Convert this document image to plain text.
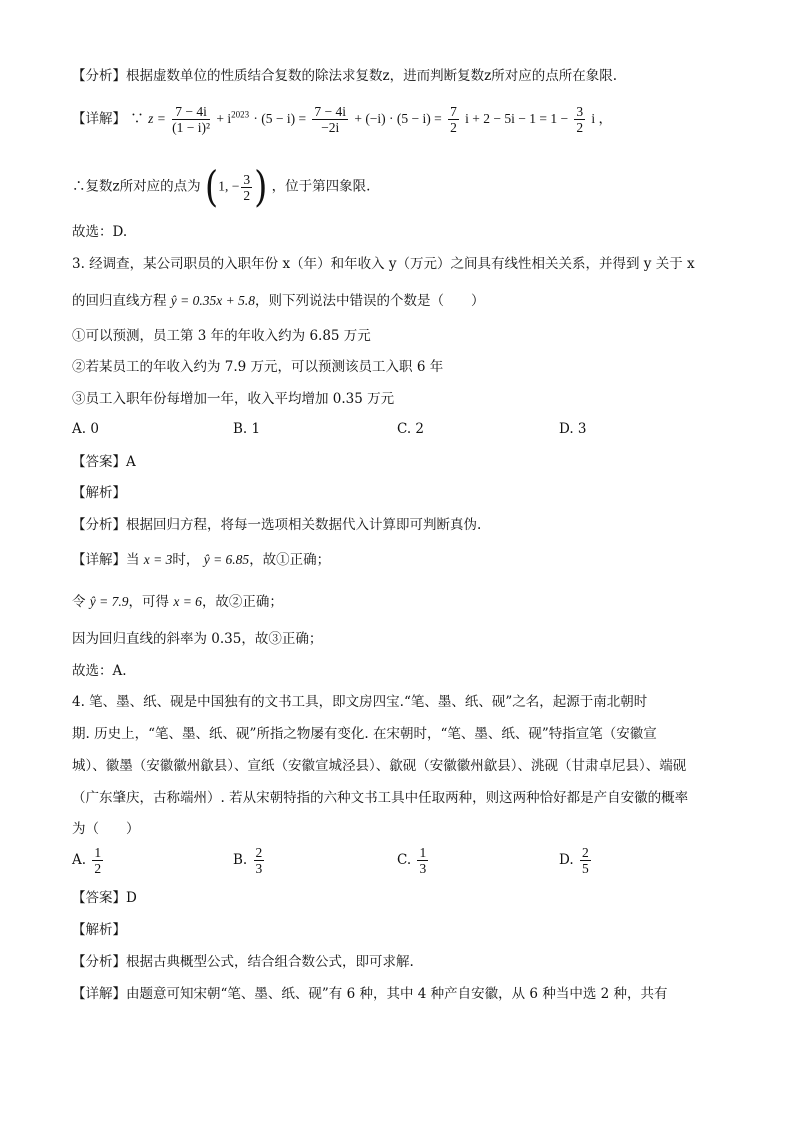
【分析】根据虚数单位的性质结合复数的除法求复数z，进而判断复数z所对应的点所在象限.
【详解】 ∵ $z = \frac{7 - 4i}{\text{(1 − i)²}} + i^{2023} \cdot (5 - i) = \frac{7 - 4i}{-2i} + (-i) \cdot (5 - i) = \frac{7}{2}$ $i + 2 - 5i - 1 = 1 - \frac{3}{2}$ i ，
∴复数z所对应的点为 (1, − $\frac{3}{2}$ ) ，位于第四象限.
故选：D.
3. 经调查，某公司职员的入职年份 x（年）和年收入 y（万元）之间具有线性相关关系，并得到 y 关于 x
的回归直线方程 ŷ = 0.35x + 5.8，则下列说法中错误的个数是（　　）
①可以预测，员工第 3 年的年收入约为 6.85 万元
②若某员工的年收入约为 7.9 万元，可以预测该员工入职 6 年
③员工入职年份每增加一年，收入平均增加 0.35 万元
A. 0	B. 1	C. 2	D. 3
【答案】A
【解析】
【分析】根据回归方程，将每一选项相关数据代入计算即可判断真伪.
【详解】当 x = 3时， ŷ = 6.85，故①正确；
令 ŷ = 7.9，可得 x = 6，故②正确；
因为回归直线的斜率为 0.35，故③正确；
故选：A.
4. 笔、墨、纸、砚是中国独有的文书工具，即文房四宝.“笔、墨、纸、砚”之名，起源于南北朝时
期. 历史上，“笔、墨、纸、砚”所指之物屡有变化. 在宋朝时，“笔、墨、纸、砚”特指宣笔（安徽宣
城）、徽墨（安徽徽州歙县）、宣纸（安徽宣城泾县）、歙砚（安徽徽州歙县）、洮砚（甘肃卓尼县）、端砚
（广东肇庆，古称端州）. 若从宋朝特指的六种文书工具中任取两种，则这两种恰好都是产自安徽的概率
为（　　）
A. $\frac{1}{2}$	B. $\frac{2}{3}$	C. $\frac{1}{3}$	D. $\frac{2}{5}$
【答案】D
【解析】
【分析】根据古典概型公式，结合组合数公式，即可求解.
【详解】由题意可知宋朝“笔、墨、纸、砚”有 6 种，其中 4 种产自安徽，从 6 种当中选 2 种，共有
